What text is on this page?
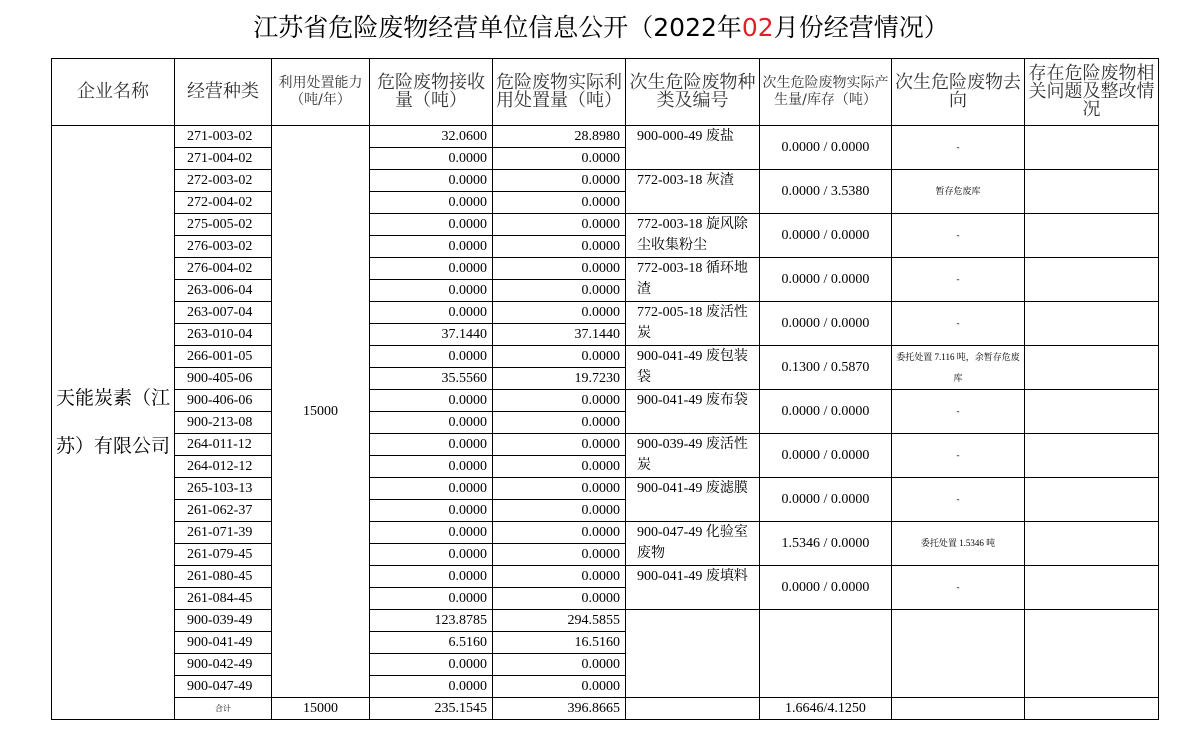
江苏省危险废物经营单位信息公开（2022年02月份经营情况）
企业名称	经营种类	利用处置能力（吨/年）	危险废物接收量（吨）	危险废物实际利用处置量（吨）	次生危险废物种类及编号	次生危险废物实际产生量/库存（吨）	次生危险废物去向	存在危险废物相关问题及整改情况
天能炭素（江苏）有限公司	271-003-02	15000	32.0600	28.8980	900-000-49 废盐	0.0000 / 0.0000	-	
	271-004-02		0.0000	0.0000				
	272-003-02		0.0000	0.0000	772-003-18 灰渣	0.0000 / 3.5380	暂存危废库	
	272-004-02		0.0000	0.0000				
	275-005-02		0.0000	0.0000	772-003-18 旋风除尘收集粉尘	0.0000 / 0.0000	-	
	276-003-02		0.0000	0.0000				
	276-004-02		0.0000	0.0000	772-003-18 循环地渣	0.0000 / 0.0000	-	
	263-006-04		0.0000	0.0000				
	263-007-04		0.0000	0.0000	772-005-18 废活性炭	0.0000 / 0.0000	-	
	263-010-04		37.1440	37.1440				
	266-001-05		0.0000	0.0000	900-041-49 废包装袋	0.1300 / 0.5870	委托处置 7.116 吨，余暂存危废库	
	900-405-06		35.5560	19.7230				
	900-406-06		0.0000	0.0000	900-041-49 废布袋	0.0000 / 0.0000	-	
	900-213-08		0.0000	0.0000				
	264-011-12		0.0000	0.0000	900-039-49 废活性炭	0.0000 / 0.0000	-	
	264-012-12		0.0000	0.0000				
	265-103-13		0.0000	0.0000	900-041-49 废滤膜	0.0000 / 0.0000	-	
	261-062-37		0.0000	0.0000				
	261-071-39		0.0000	0.0000	900-047-49 化验室废物	1.5346 / 0.0000	委托处置 1.5346 吨	
	261-079-45		0.0000	0.0000				
	261-080-45		0.0000	0.0000	900-041-49 废填料	0.0000 / 0.0000	-	
	261-084-45		0.0000	0.0000				
	900-039-49		123.8785	294.5855				
	900-041-49		6.5160	16.5160				
	900-042-49		0.0000	0.0000				
	900-047-49		0.0000	0.0000				
	合计	15000	235.1545	396.8665		1.6646/4.1250		
